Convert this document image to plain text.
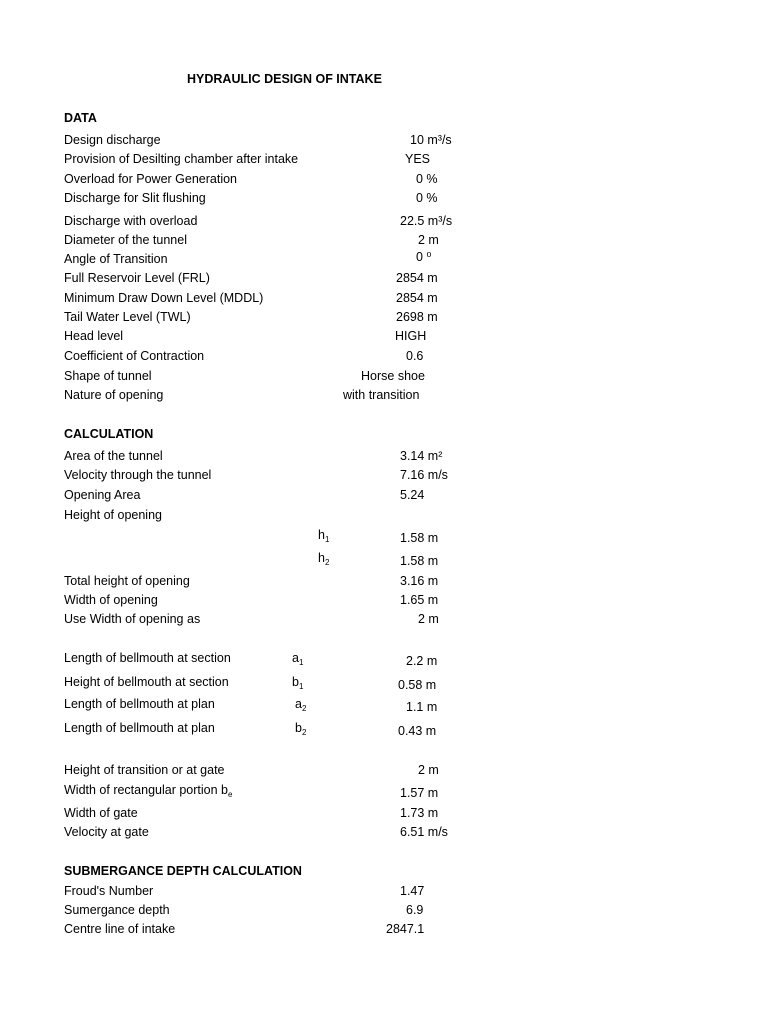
HYDRAULIC DESIGN OF INTAKE
DATA
Design discharge	10 m³/s
Provision of Desilting chamber after intake	YES
Overload for Power Generation	0 %
Discharge for Slit flushing	0 %
Discharge with overload	22.5 m³/s
Diameter of the tunnel	2 m
Angle of Transition	0 ⁰
Full Reservoir Level (FRL)	2854 m
Minimum Draw Down Level (MDDL)	2854 m
Tail Water Level (TWL)	2698 m
Head level	HIGH
Coefficient of Contraction	0.6
Shape of tunnel	Horse shoe
Nature of opening	with transition
CALCULATION
Area of the tunnel	3.14 m²
Velocity through the tunnel	7.16 m/s
Opening Area	5.24
Height of opening
$h_1$	1.58 m
$h_2$	1.58 m
Total height of opening	3.16 m
Width of opening	1.65 m
Use Width of opening as	2 m
Length of bellmouth at section	$a_1$	2.2 m
Height of bellmouth at section	$b_1$	0.58 m
Length of bellmouth at plan	$a_2$	1.1 m
Length of bellmouth at plan	$b_2$	0.43 m
Height of transition or at gate	2 m
Width of rectangular portion $b_e$	1.57 m
Width of gate	1.73 m
Velocity at gate	6.51 m/s
SUBMERGANCE DEPTH CALCULATION
Froud's Number	1.47
Sumergance depth	6.9
Centre line of intake	2847.1
